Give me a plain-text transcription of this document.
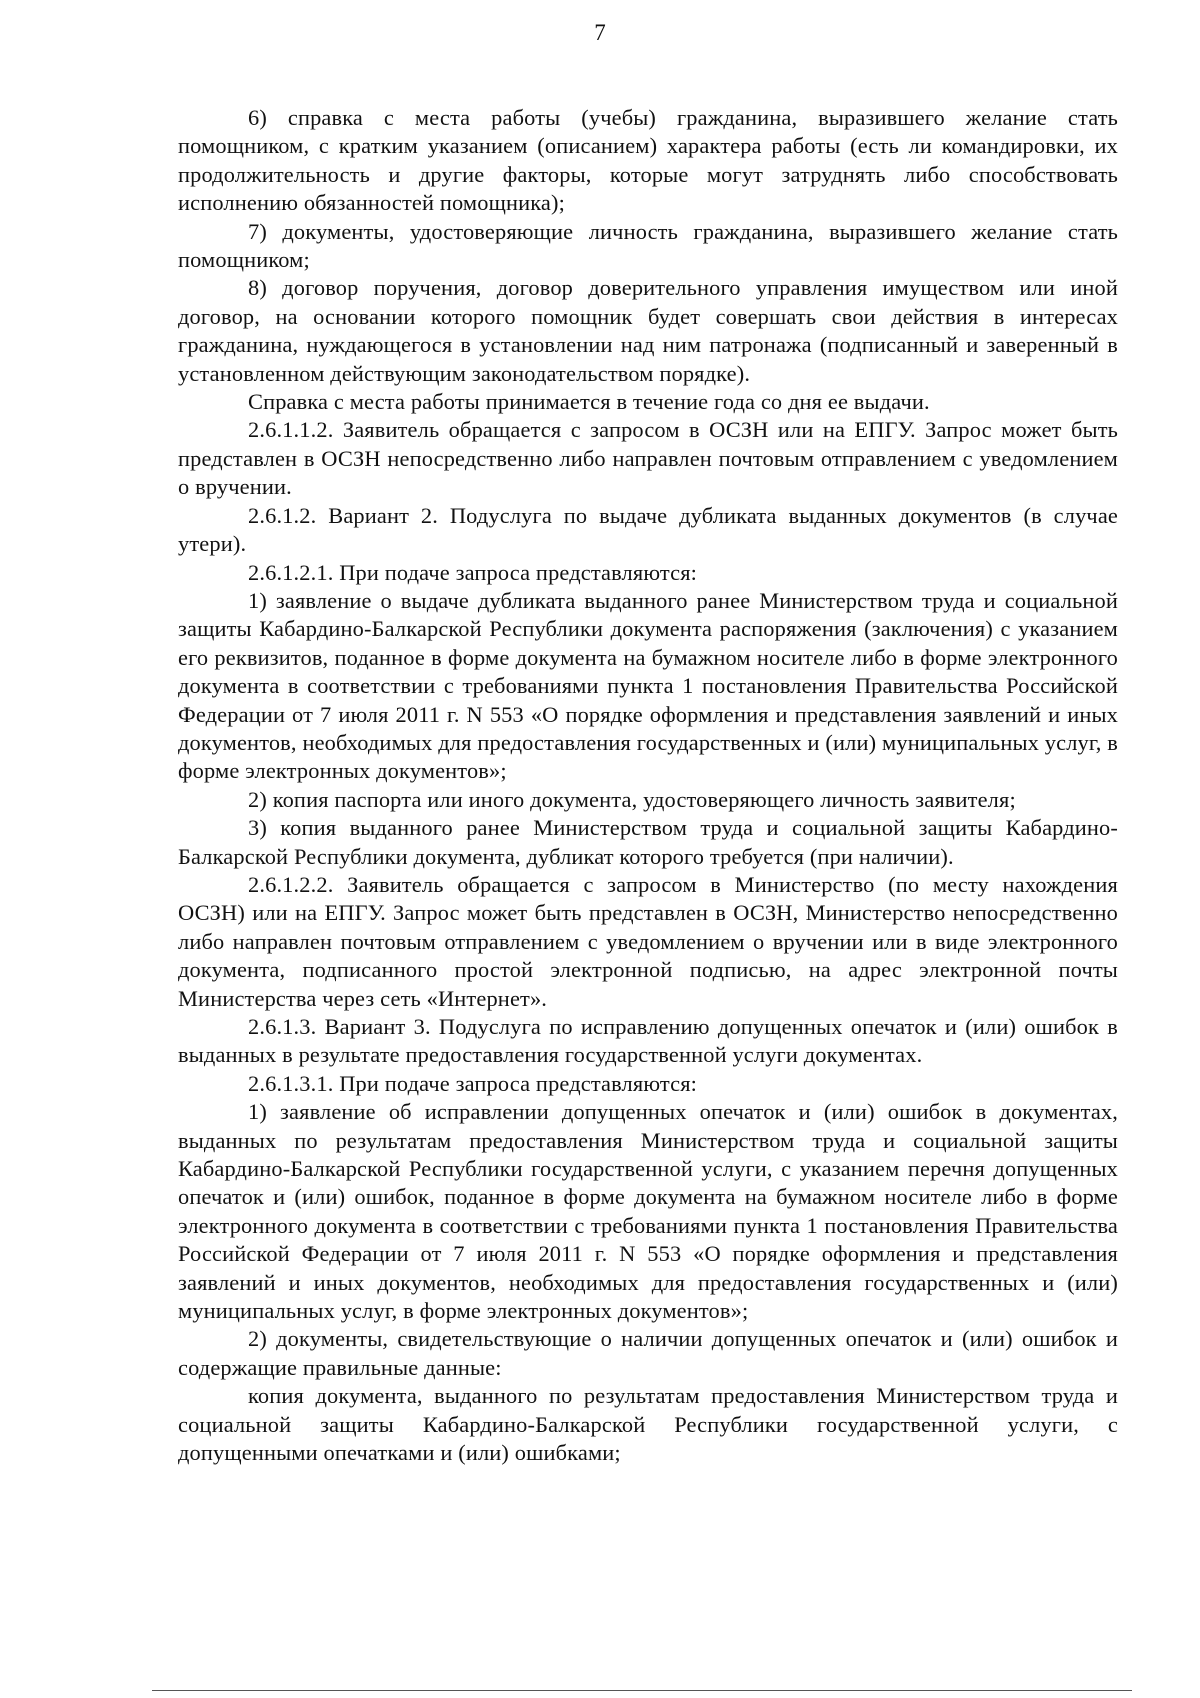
7

6) справка с места работы (учебы) гражданина, выразившего желание стать помощником, с кратким указанием (описанием) характера работы (есть ли командировки, их продолжительность и другие факторы, которые могут затруднять либо способствовать исполнению обязанностей помощника);

7) документы, удостоверяющие личность гражданина, выразившего желание стать помощником;

8) договор поручения, договор доверительного управления имуществом или иной договор, на основании которого помощник будет совершать свои действия в интересах гражданина, нуждающегося в установлении над ним патронажа (подписанный и заверенный в установленном действующим законодательством порядке).

Справка с места работы принимается в течение года со дня ее выдачи.

2.6.1.1.2. Заявитель обращается с запросом в ОСЗН или на ЕПГУ. Запрос может быть представлен в ОСЗН непосредственно либо направлен почтовым отправлением с уведомлением о вручении.

2.6.1.2. Вариант 2. Подуслуга по выдаче дубликата выданных документов (в случае утери).

2.6.1.2.1. При подаче запроса представляются:

1) заявление о выдаче дубликата выданного ранее Министерством труда и социальной защиты Кабардино-Балкарской Республики документа распоряжения (заключения) с указанием его реквизитов, поданное в форме документа на бумажном носителе либо в форме электронного документа в соответствии с требованиями пункта 1 постановления Правительства Российской Федерации от 7 июля 2011 г. N 553 «О порядке оформления и представления заявлений и иных документов, необходимых для предоставления государственных и (или) муниципальных услуг, в форме электронных документов»;

2) копия паспорта или иного документа, удостоверяющего личность заявителя;

3) копия выданного ранее Министерством труда и социальной защиты Кабардино-Балкарской Республики документа, дубликат которого требуется (при наличии).

2.6.1.2.2. Заявитель обращается с запросом в Министерство (по месту нахождения ОСЗН) или на ЕПГУ. Запрос может быть представлен в ОСЗН, Министерство непосредственно либо направлен почтовым отправлением с уведомлением о вручении или в виде электронного документа, подписанного простой электронной подписью, на адрес электронной почты Министерства через сеть «Интернет».

2.6.1.3. Вариант 3. Подуслуга по исправлению допущенных опечаток и (или) ошибок в выданных в результате предоставления государственной услуги документах.

2.6.1.3.1. При подаче запроса представляются:

1) заявление об исправлении допущенных опечаток и (или) ошибок в документах, выданных по результатам предоставления Министерством труда и социальной защиты Кабардино-Балкарской Республики государственной услуги, с указанием перечня допущенных опечаток и (или) ошибок, поданное в форме документа на бумажном носителе либо в форме электронного документа в соответствии с требованиями пункта 1 постановления Правительства Российской Федерации от 7 июля 2011 г. N 553 «О порядке оформления и представления заявлений и иных документов, необходимых для предоставления государственных и (или) муниципальных услуг, в форме электронных документов»;

2) документы, свидетельствующие о наличии допущенных опечаток и (или) ошибок и содержащие правильные данные:

копия документа, выданного по результатам предоставления Министерством труда и социальной защиты Кабардино-Балкарской Республики государственной услуги, с допущенными опечатками и (или) ошибками;
